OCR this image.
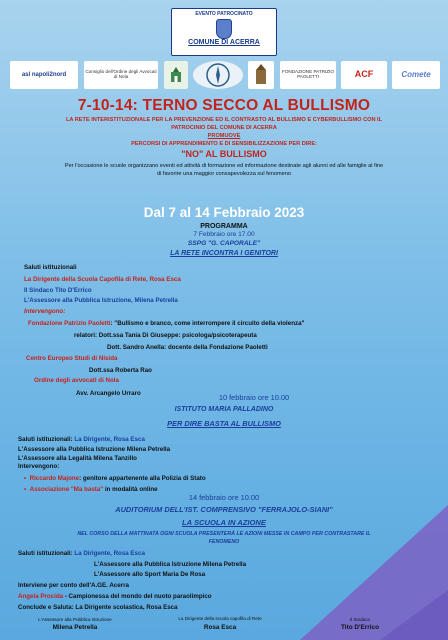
EVENTO PATROCINATO
COMUNE DI ACERRA
asl napoli2nord
Consiglio dell'Ordine degli Avvocati di Nola
FONDAZIONE PATRIZIO PAOLETTI	ACF	Comete
7-10-14: TERNO SECCO AL BULLISMO
LA RETE INTERISTITUZIONALE PER LA PREVENZIONE ED IL CONTRASTO AL BULLISMO E CYBERBULLISMO CON IL
PATROCINIO DEL COMUNE DI ACERRA
PROMUOVE
PERCORSI DI APPRENDIMENTO E DI SENSIBILIZZAZIONE PER DIRE:
"NO" AL BULLISMO
Per l'occasione le scuole organizzano eventi ed attività di formazione ed informazione destinate agli alunni ed alle famiglie al fine
di favorire una maggior consapevolezza sul fenomeno
Dal 7 al 14 Febbraio 2023
PROGRAMMA
7 Febbraio ore 17.00
SSPG "G. CAPORALE"
LA RETE INCONTRA I GENITORI
Saluti istituzionali
La Dirigente della Scuola Capofila di Rete, Rosa Esca
Il Sindaco Tito D'Errico
L'Assessore alla Pubblica Istruzione, Milena Petrella
Intervengono:
Fondazione Patrizio Paoletti: "Bullismo e branco, come interrompere il circuito della violenza"
relatori: Dott.ssa Tania Di Giuseppe: psicologa/psicoterapeuta
Dott. Sandro Anella: docente della Fondazione Paoletti
Centro Europeo Studi di Nisida
Dott.ssa Roberta Rao
Ordine degli avvocati di Nola
Avv. Arcangelo Urraro	10 febbraio ore 10.00
ISTITUTO MARIA PALLADINO
PER DIRE BASTA AL BULLISMO
Saluti istituzionali: La Dirigente, Rosa Esca
L'Assessore alla Pubblica Istruzione Milena Petrella
L'Assessore alla Legalità Milena Tanzillo
Intervengono:
•  Riccardo Majone: genitore appartenente alla Polizia di Stato
•  Associazione "Ma basta" in modalità online
14 febbraio ore 10.00
AUDITORIUM DELL'IST. COMPRENSIVO "FERRAJOLO-SIANI"
LA SCUOLA IN AZIONE
NEL CORSO DELLA MATTINATA OGNI SCUOLA PRESENTERÀ LE AZIONI MESSE IN CAMPO PER CONTRASTARE IL
FENOMENO
Saluti istituzionali: La Dirigente, Rosa Esca
L'Assessore alla Pubblica Istruzione Milena Petrella
L'Assessore allo Sport Maria De Rosa
Interviene per conto dell'A.GE. Acerra
Angela Procida - Campionessa del mondo del nuoto paraolimpico
Conclude e Saluta: La Dirigente scolastica, Rosa Esca
L'Assessore alla Pubblica Istruzione
Milena Petrella
La Dirigente della scuola capofila di Rete
Rosa Esca
Il Sindaco
Tito D'Errico
